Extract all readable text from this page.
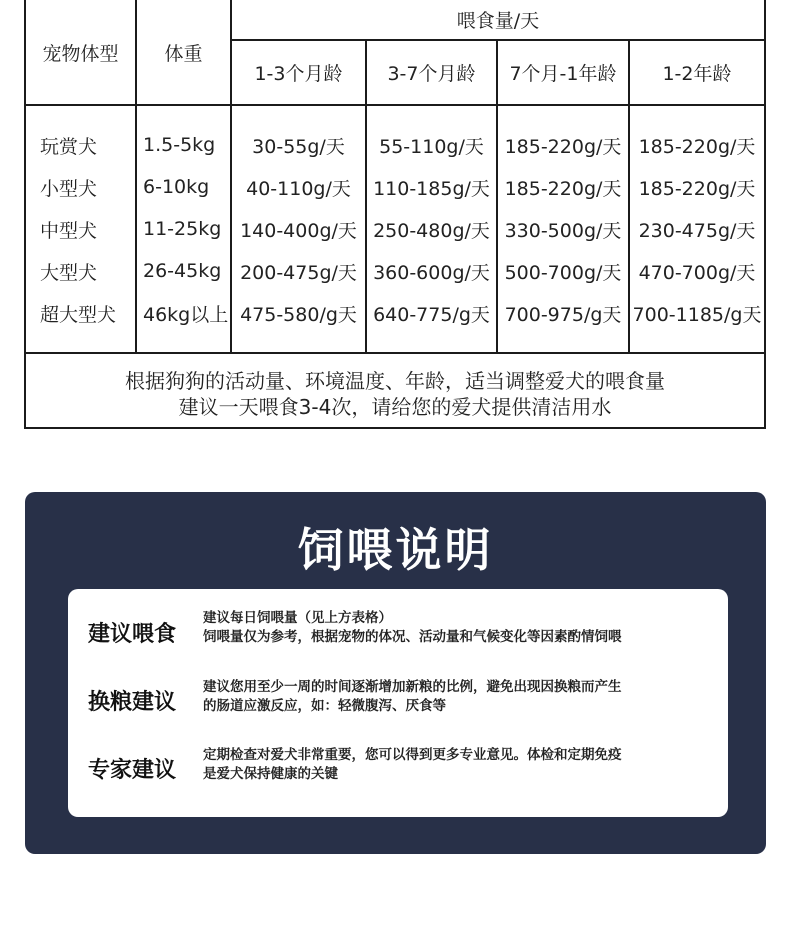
宠物体型	体重
喂食量/天
1-3个月龄	3-7个月龄	7个月-1年龄	1-2年龄
玩赏犬	1.5-5kg	30-55g/天	55-110g/天	185-220g/天 185-220g/天
小型犬	6-10kg	40-110g/天	110-185g/天 185-220g/天 185-220g/天
中型犬	11-25kg 140-400g/天 250-480g/天 330-500g/天 230-475g/天
大型犬	26-45kg 200-475g/天 360-600g/天 500-700g/天 470-700g/天
超大型犬	46kg以上 475-580/g天 640-775/g天 700-975/g天 700-1185/g天
根据狗狗的活动量、环境温度、年龄，适当调整爱犬的喂食量
建议一天喂食3-4次，请给您的爱犬提供清洁用水
饲喂说明
建议喂食
建议每日饲喂量（见上方表格）
饲喂量仅为参考，根据宠物的体况、活动量和气候变化等因素酌情饲喂
换粮建议
建议您用至少一周的时间逐渐增加新粮的比例，避免出现因换粮而产生
的肠道应激反应，如：轻微腹泻、厌食等
专家建议
定期检查对爱犬非常重要，您可以得到更多专业意见。体检和定期免疫
是爱犬保持健康的关键
